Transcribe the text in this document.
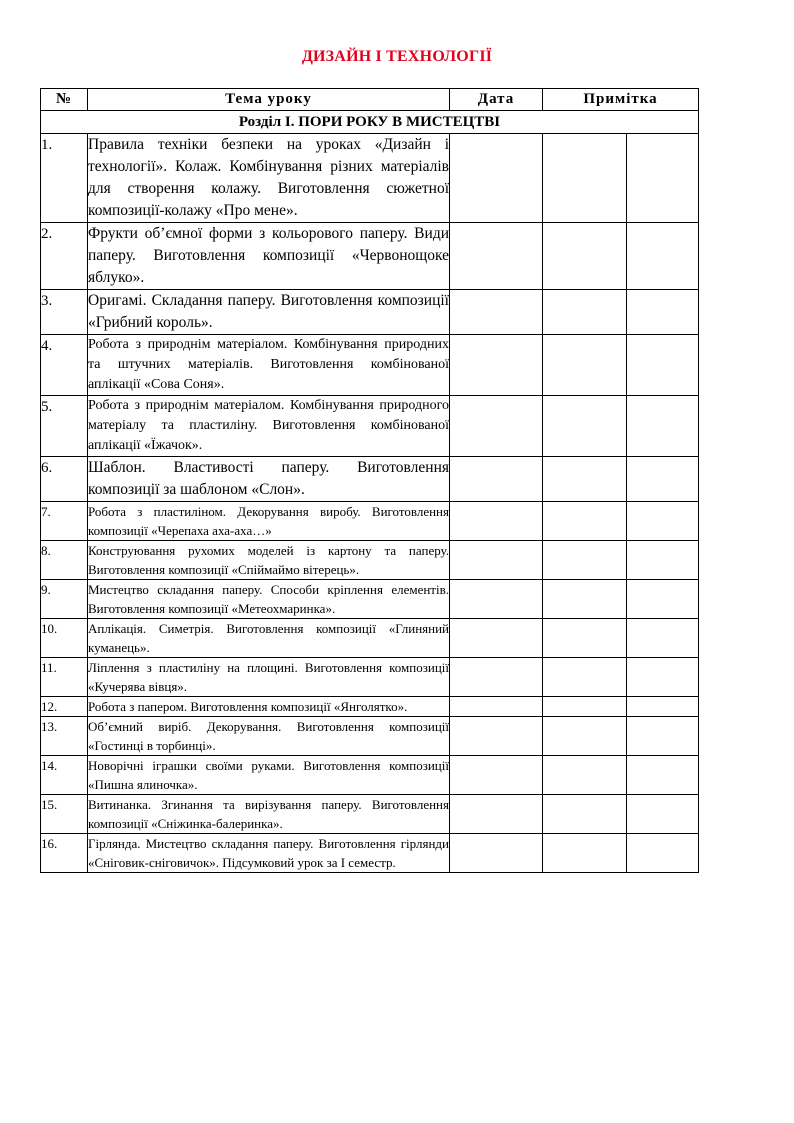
ДИЗАЙН І ТЕХНОЛОГІЇ
№	Тема уроку	Дата	Примітка	
Розділ І. ПОРИ РОКУ В МИСТЕЦТВІ				
1.	Правила техніки безпеки на уроках «Дизайн і технології». Колаж. Комбінування різних матеріалів для створення колажу. Виготовлення сюжетної композиції-колажу «Про мене».			
2.	Фрукти об’ємної форми з кольорового паперу. Види паперу. Виготовлення композиції «Червонощоке яблуко».			
3.	Оригамі. Складання паперу. Виготовлення композиції «Грибний король».			
4.	Робота з природнім матеріалом. Комбінування природних та штучних матеріалів. Виготовлення комбінованої аплікації «Сова Соня».			
5.	Робота з природнім матеріалом. Комбінування природного матеріалу та пластиліну. Виготовлення комбінованої аплікації «Їжачок».			
6.	Шаблон. Властивості паперу. Виготовлення композиції за шаблоном «Слон».			
7.	Робота з пластиліном. Декорування виробу. Виготовлення композиції «Черепаха аха-аха…»			
8.	Конструювання рухомих моделей із картону та паперу. Виготовлення композиції «Спіймаймо вітерець».			
9.	Мистецтво складання паперу. Способи кріплення елементів. Виготовлення композиції «Метеохмаринка».			
10.	Аплікація. Симетрія. Виготовлення композиції «Глиняний куманець».			
11.	Ліплення з пластиліну на площині. Виготовлення композиції «Кучерява вівця».			
12.	Робота з папером. Виготовлення композиції «Янголятко».			
13.	Об’ємний виріб. Декорування. Виготовлення композиції «Гостинці в торбинці».			
14.	Новорічні іграшки своїми руками. Виготовлення композиції «Пишна ялиночка».			
15.	Витинанка. Згинання та вирізування паперу. Виготовлення композиції «Сніжинка-балеринка».			
16.	Гірлянда. Мистецтво складання паперу. Виготовлення гірлянди «Сніговик-сніговичок». Підсумковий урок за І семестр.			
